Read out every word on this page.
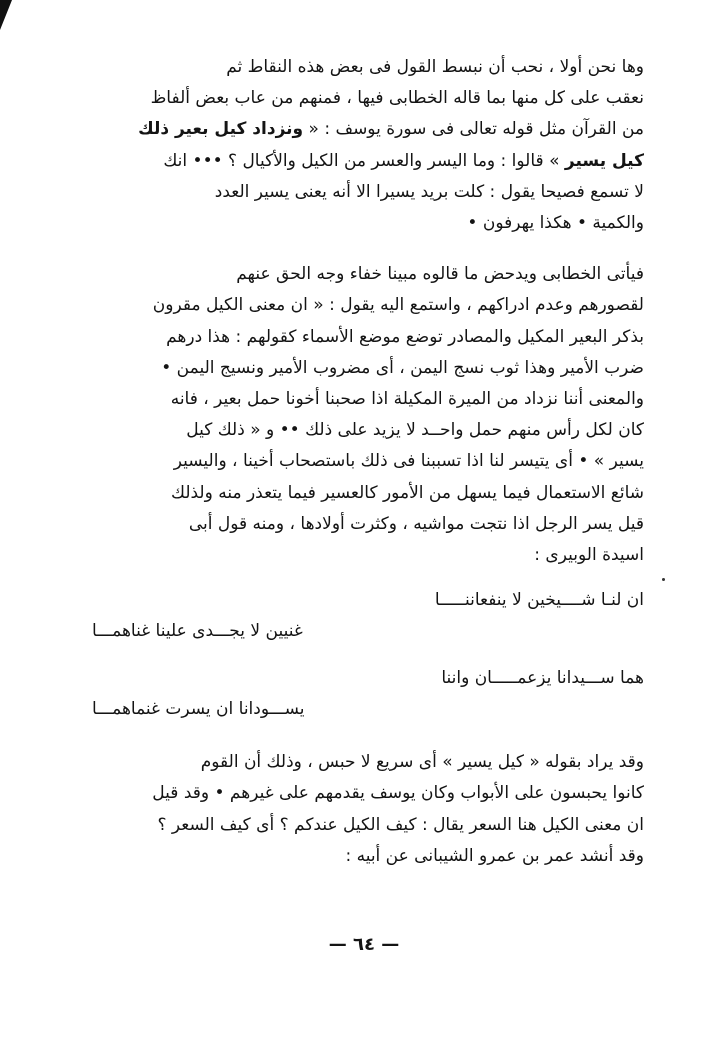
وها نحن أولا ، نحب أن نبسط القول فى بعض هذه النقاط ثم
نعقب على كل منها بما قاله الخطابى فيها ، فمنهم من عاب بعض ألفاظ
من القرآن مثل قوله تعالى فى سورة يوسف : « ونزداد كيل بعير ذلك
كيل يسير » قالوا : وما اليسر والعسر من الكيل والأكيال ؟ ••• انك
لا تسمع فصيحا يقول : كلت بريد يسيرا الا أنه يعنى يسير العدد
والكمية • هكذا يهرفون •

فيأتى الخطابى ويدحض ما قالوه مبينا خفاء وجه الحق عنهم
لقصورهم وعدم ادراكهم ، واستمع اليه يقول : « ان معنى الكيل مقرون
بذكر البعير المكيل والمصادر توضع موضع الأسماء كقولهم : هذا درهم
ضرب الأمير وهذا ثوب نسج اليمن ، أى مضروب الأمير ونسيج اليمن •
والمعنى أننا نزداد من الميرة المكيلة اذا صحبنا أخونا حمل بعير ، فانه
كان لكل رأس منهم حمل واحــد لا يزيد على ذلك •• و « ذلك كيل
يسير » • أى يتيسر لنا اذا تسببنا فى ذلك باستصحاب أخينا ، واليسير
شائع الاستعمال فيما يسهل من الأمور كالعسير فيما يتعذر منه ولذلك
قيل يسر الرجل اذا نتجت مواشيه ، وكثرت أولادها ، ومنه قول أبى
اسيدة الوبيرى :

ان لنـا شــــيخين لا ينفعاننـــــا
غنيين لا يجـــدى علينا غناهمـــا
هما ســـيدانا يزعمـــــان واننا
يســـودانا ان يسرت غنماهمـــا

وقد يراد بقوله « كيل يسير » أى سريع لا حبس ، وذلك أن القوم
كانوا يحبسون على الأبواب وكان يوسف يقدمهم على غيرهم • وقد قيل
ان معنى الكيل هنا السعر يقال : كيف الكيل عندكم ؟ أى كيف السعر ؟
وقد أنشد عمر بن عمرو الشيبانى عن أبيه :

— ٦٤ —
